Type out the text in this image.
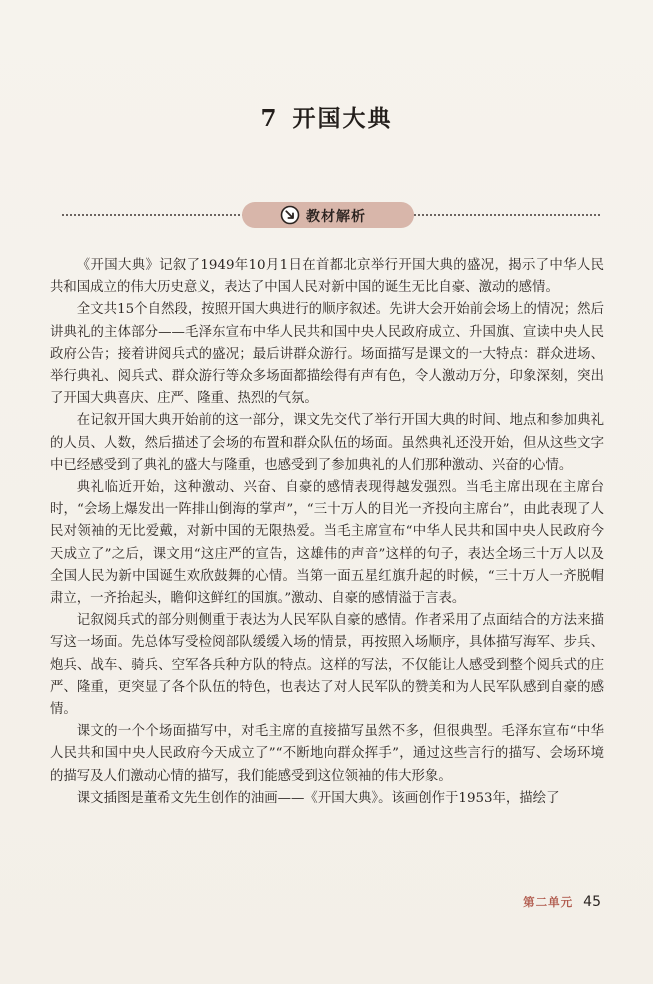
7 开国大典
教材解析

《开国大典》记叙了1949年10月1日在首都北京举行开国大典的盛况，揭示了中华人民共和国成立的伟大历史意义，表达了中国人民对新中国的诞生无比自豪、激动的感情。

全文共15个自然段，按照开国大典进行的顺序叙述。先讲大会开始前会场上的情况；然后讲典礼的主体部分——毛泽东宣布中华人民共和国中央人民政府成立、升国旗、宣读中央人民政府公告；接着讲阅兵式的盛况；最后讲群众游行。场面描写是课文的一大特点：群众进场、举行典礼、阅兵式、群众游行等众多场面都描绘得有声有色，令人激动万分，印象深刻，突出了开国大典喜庆、庄严、隆重、热烈的气氛。

在记叙开国大典开始前的这一部分，课文先交代了举行开国大典的时间、地点和参加典礼的人员、人数，然后描述了会场的布置和群众队伍的场面。虽然典礼还没开始，但从这些文字中已经感受到了典礼的盛大与隆重，也感受到了参加典礼的人们那种激动、兴奋的心情。

典礼临近开始，这种激动、兴奋、自豪的感情表现得越发强烈。当毛主席出现在主席台时，“会场上爆发出一阵排山倒海的掌声”，“三十万人的目光一齐投向主席台”，由此表现了人民对领袖的无比爱戴，对新中国的无限热爱。当毛主席宣布“中华人民共和国中央人民政府今天成立了”之后，课文用“这庄严的宣告，这雄伟的声音”这样的句子，表达全场三十万人以及全国人民为新中国诞生欢欣鼓舞的心情。当第一面五星红旗升起的时候，“三十万人一齐脱帽肃立，一齐抬起头，瞻仰这鲜红的国旗。”激动、自豪的感情溢于言表。

记叙阅兵式的部分则侧重于表达为人民军队自豪的感情。作者采用了点面结合的方法来描写这一场面。先总体写受检阅部队缓缓入场的情景，再按照入场顺序，具体描写海军、步兵、炮兵、战车、骑兵、空军各兵种方队的特点。这样的写法，不仅能让人感受到整个阅兵式的庄严、隆重，更突显了各个队伍的特色，也表达了对人民军队的赞美和为人民军队感到自豪的感情。

课文的一个个场面描写中，对毛主席的直接描写虽然不多，但很典型。毛泽东宣布“中华人民共和国中央人民政府今天成立了”“不断地向群众挥手”，通过这些言行的描写、会场环境的描写及人们激动心情的描写，我们能感受到这位领袖的伟大形象。

课文插图是董希文先生创作的油画——《开国大典》。该画创作于1953年，描绘了

第二单元 45
